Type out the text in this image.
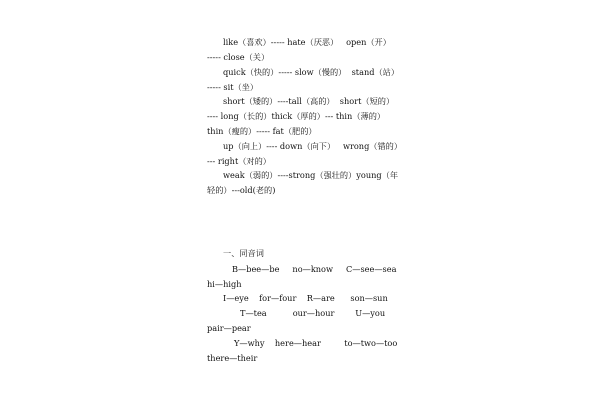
like（喜欢）----- hate（厌恶）   open（开）
----- close（关）
quick（快的）----- slow（慢的）  stand（站）
----- sit（坐）
short（矮的）----tall（高的）  short（短的）
---- long（长的）thick（厚的）--- thin（薄的）
thin（瘦的）----- fat（肥的）
up（向上）---- down（向下）   wrong（错的）
--- right（对的）
weak（弱的）----strong（强壮的）young（年
轻的）---old(老的)
一、同音词
B—bee—be     no—know     C—see—sea
hi—high
I—eye    for—four    R—are      son—sun
T—tea          our—hour        U—you
pair—pear
Y—why    here—hear         to—two—too
there—their
